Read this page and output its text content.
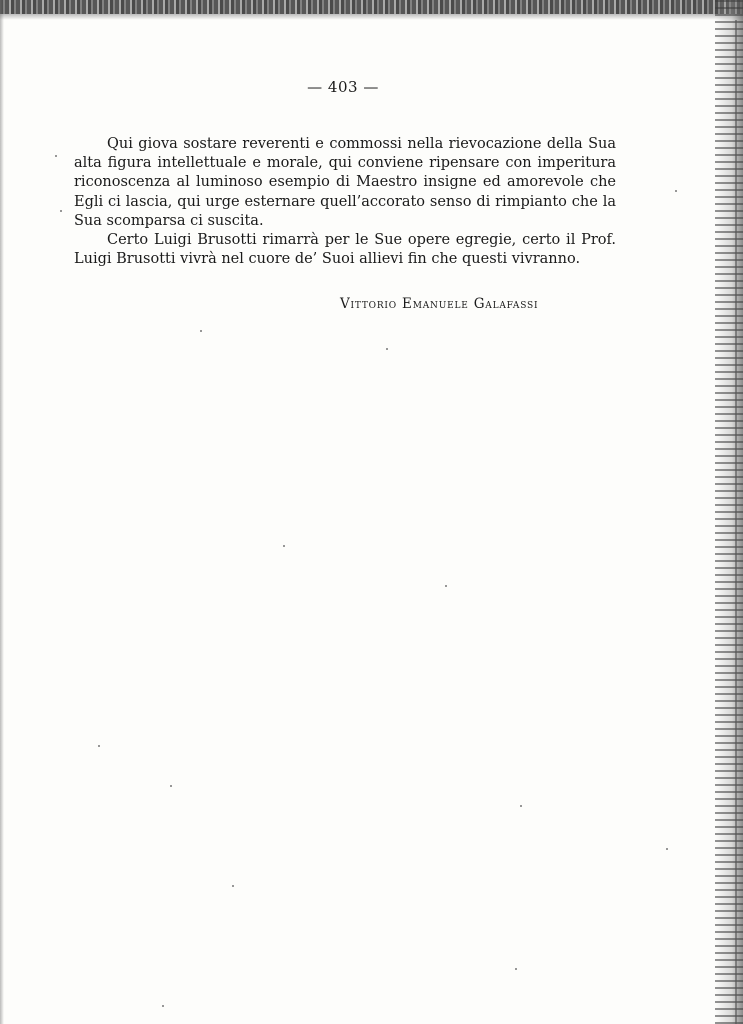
— 403 —

Qui giova sostare reverenti e commossi nella rievocazione della Sua alta figura intellettuale e morale, qui conviene ripensare con imperitura riconoscenza al luminoso esempio di Maestro insigne ed amorevole che Egli ci lascia, qui urge esternare quell’accorato senso di rimpianto che la Sua scomparsa ci suscita.

Certo Luigi Brusotti rimarrà per le Sue opere egregie, certo il Prof. Luigi Brusotti vivrà nel cuore de’ Suoi allievi fin che questi vivranno.

Vittorio Emanuele Galafassi
